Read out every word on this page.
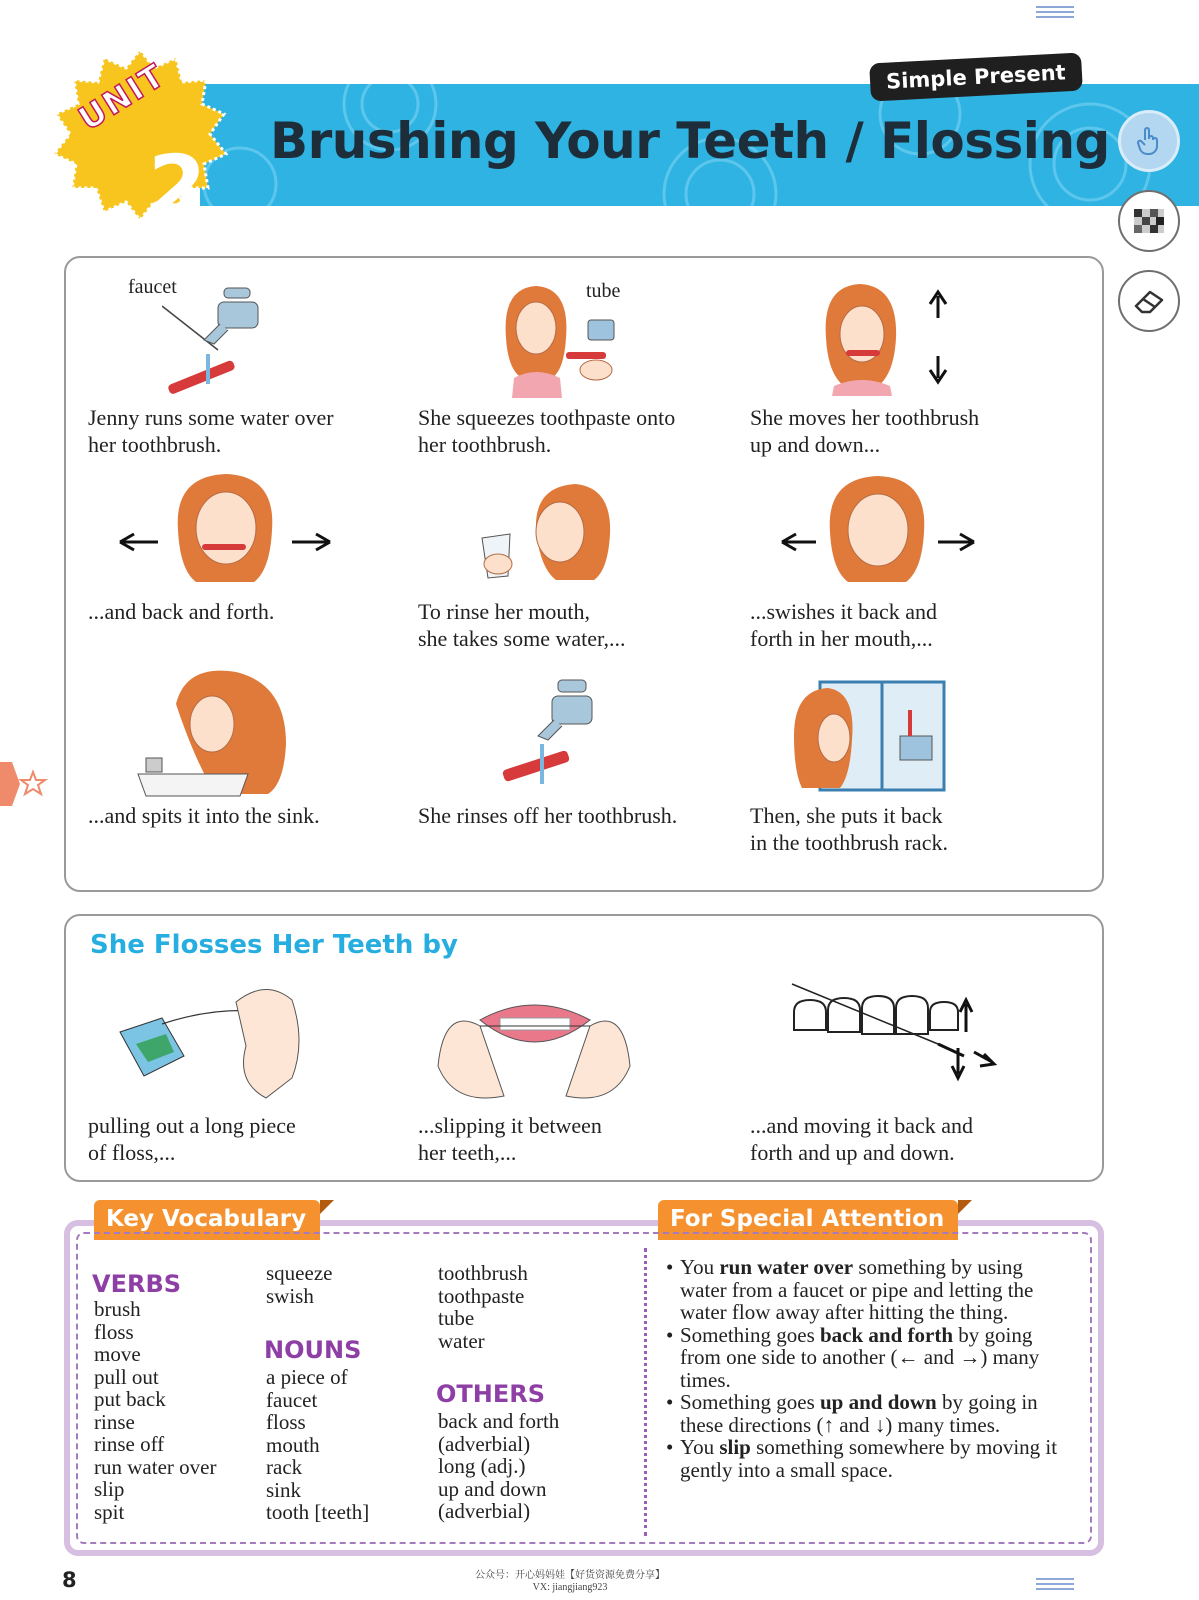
Brushing Your Teeth / Flossing
Simple Present
UNIT
2
faucet
Jenny runs some water over
her toothbrush.
tube
She squeezes toothpaste onto
her toothbrush.
She moves her toothbrush
up and down...
...and back and forth.	To rinse her mouth,
she takes some water,...
...swishes it back and
forth in her mouth,...
...and spits it into the sink.	She rinses off her toothbrush.	Then, she puts it back
in the toothbrush rack.
She Flosses Her Teeth by
pulling out a long piece
of floss,...
...slipping it between
her teeth,...
...and moving it back and
forth and up and down.
Key Vocabulary	For Special Attention
VERBS
brush
floss
move
pull out
put back
rinse
rinse off
run water over
slip
spit
squeeze
swish
NOUNS
a piece of
faucet
floss
mouth
rack
sink
tooth [teeth]
toothbrush
toothpaste
tube
water
OTHERS
back and forth
(adverbial)
long (adj.)
up and down
(adverbial)
• You run water over something by using water from a faucet or pipe and letting the water flow away after hitting the thing.
• Something goes back and forth by going from one side to another (← and →) many times.
• Something goes up and down by going in these directions (↑ and ↓) many times.
• You slip something somewhere by moving it gently into a small space.
8	公众号：开心妈妈娃【好货资源免费分享】
VX: jiangjiang923
